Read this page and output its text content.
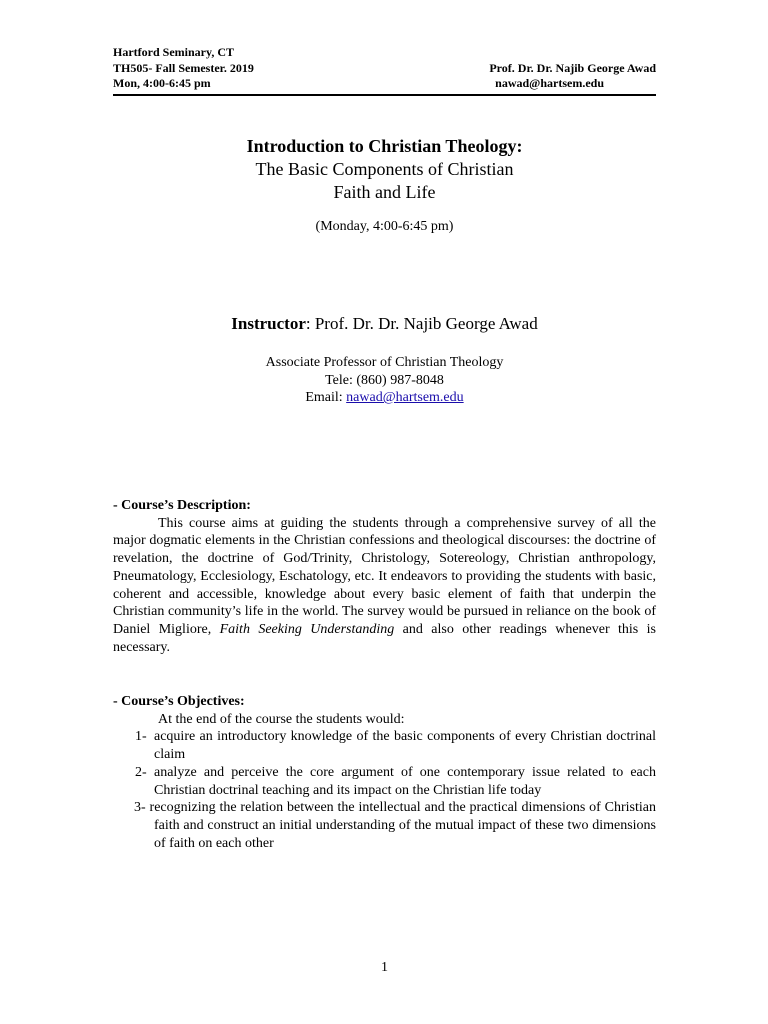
Hartford Seminary, CT
TH505- Fall Semester. 2019	Prof. Dr. Dr. Najib George Awad
Mon, 4:00-6:45 pm	nawad@hartsem.edu
Introduction to Christian Theology:
The Basic Components of Christian
Faith and Life
(Monday, 4:00-6:45 pm)
Instructor: Prof. Dr. Dr. Najib George Awad
Associate Professor of Christian Theology
Tele: (860) 987-8048
Email: nawad@hartsem.edu
- Course’s Description:

This course aims at guiding the students through a comprehensive survey of all the major dogmatic elements in the Christian confessions and theological discourses: the doctrine of revelation, the doctrine of God/Trinity, Christology, Sotereology, Christian anthropology, Pneumatology, Ecclesiology, Eschatology, etc. It endeavors to providing the students with basic, coherent and accessible, knowledge about every basic element of faith that underpin the Christian community’s life in the world. The survey would be pursued in reliance on the book of Daniel Migliore, Faith Seeking Understanding and also other readings whenever this is necessary.

- Course’s Objectives:
At the end of the course the students would:
1- acquire an introductory knowledge of the basic components of every Christian doctrinal claim
2- analyze and perceive the core argument of one contemporary issue related to each Christian doctrinal teaching and its impact on the Christian life today
3- recognizing the relation between the intellectual and the practical dimensions of Christian faith and construct an initial understanding of the mutual impact of these two dimensions of faith on each other
1
